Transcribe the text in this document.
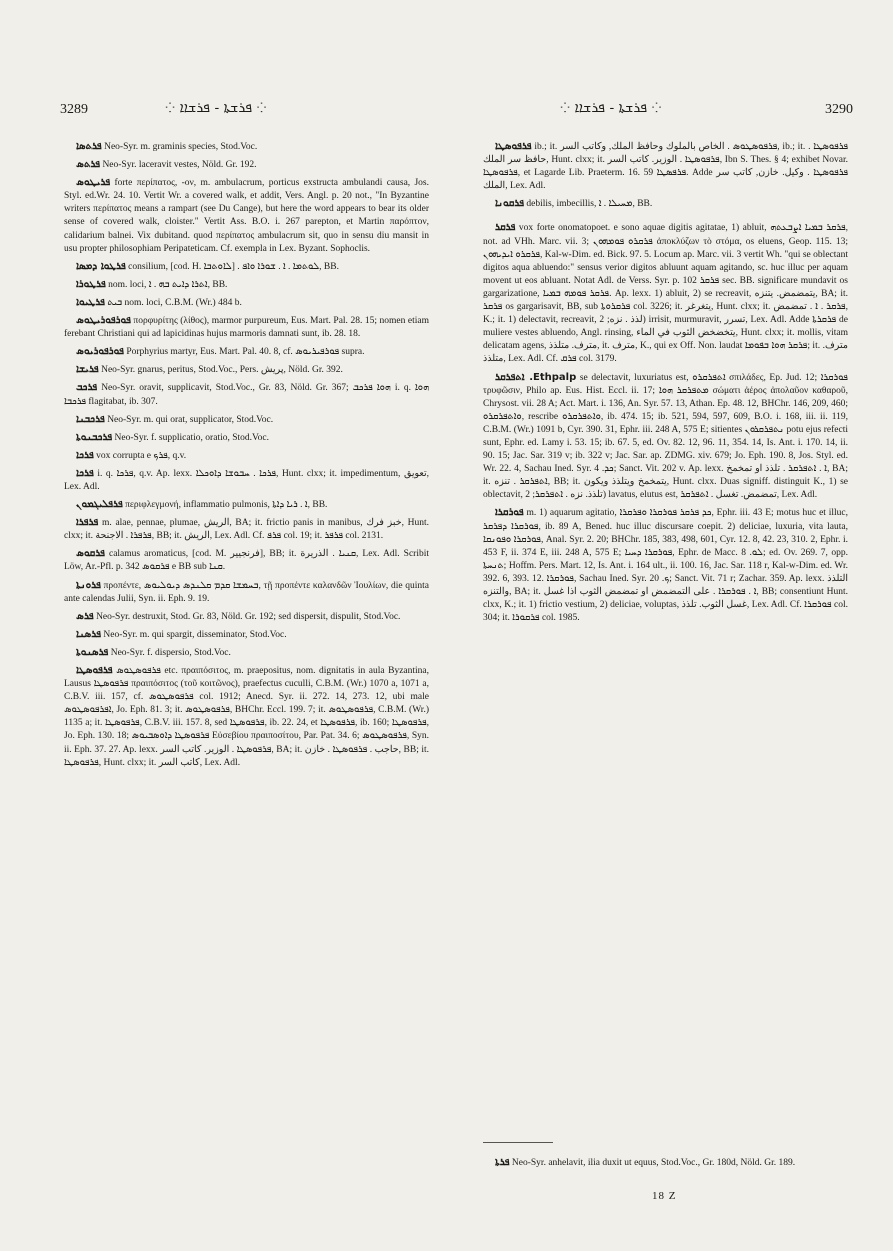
3289	⁘ ܦܪܫܬܐ - ܦܪܫܐܐ ⁘	⁘ ܦܪܫܬܐ - ܦܪܫܐܐ ⁘	3290

ܦܪܬܣܐ Neo-Syr. m. graminis species, Stod.Voc.

ܦܪܬܣ Neo-Syr. laceravit vestes, Nöld. Gr. 192.

ܦܪܝܛܘܣ forte περίπατος, -ον, m. ambulacrum, porticus exstructa ambulandi causa, Jos. Styl. ed.Wr. 24. 10. Vertit Wr. a covered walk, et addit, Vers. Angl. p. 20 not., "In Byzantine writers περίπατος means a rampart (see Du Cange), but here the word appears to bear its older sense of covered walk, cloister." Vertit Ass. B.O. i. 267 parepton, et Martin παρόπτον, calidarium balnei. Vix dubitand. quod περίπατος ambulacrum sit, quo in sensu diu mansit in usu propter philosophiam Peripateticam. Cf. exempla in Lex. Byzant. Sophoclis.

ܦܪܛܘܐ ܕܡܣܐ consilium, [cod. H. ܠܐܘܬܒܐ] . ܠܘܬܡܐ . ܐ . ܫܘܪܐ ܘܐܦ, BB.

ܦܪܛܘܪܐ nom. loci, ܐܬܪܐ ܕܐܝܬ ܒܗ . ܐ, BB.

ܦܪܛܝܘܐ ܒܝܬ nom. loci, C.B.M. (Wr.) 484 b.

ܦܘܪܦܘܪܝܛܘܣ πορφυρίτης (λίθος), marmor purpureum, Eus. Mart. Pal. 28. 15; nomen etiam ferebant Christiani qui ad lapicidinas hujus marmoris damnati sunt, ib. 28. 18.

ܦܘܪܦܘܪܝܘܣ Porphyrius martyr, Eus. Mart. Pal. 40. 8, cf. ܦܘܪܦܝܪܝܘܣ supra.

ܦܪܝܫܐ Neo-Syr. gnarus, peritus, Stod.Voc., Pers. پريش, Nöld. Gr. 392.

ܦܪܟܒ Neo-Syr. oravit, supplicavit, Stod.Voc., Gr. 83, Nöld. Gr. 367; ܗܘܐ ܦܪܟܒ i. q. ܗܘܐ ܦܪܟܒܐ flagitabat, ib. 307.

ܦܪܟܒܢܐ Neo-Syr. m. qui orat, supplicator, Stod.Voc.

ܦܪܟܒܢܘܬܐ Neo-Syr. f. supplicatio, oratio, Stod.Voc.

ܦܪܟܐ vox corrupta e ܦܪܟ, q.v.

ܦܪܟܐ i. q. ܦܪܟܐ, q.v. Ap. lexx. ܦܪܟܐ . ܚܒܘܫܐ ܕܐܘܟܠܐ, Hunt. clxx; it. impedimentum, تعويق, Lex. Adl.

ܦܪܦܠܝܓܡܘܢ περιφλεγμονή, inflammatio pulmonis, ܐ . ܪܝܐ ܕܐܬܐ, BB.

ܦܪܦܪܐ m. alae, pennae, plumae, الريش, BA; it. frictio panis in manibus, خبز فرك, Hunt. clxx; it. ܦܪܦܪܐ . الاجنحة, BB; it. الريش, Lex. Adl. Cf. ܦܪܦ col. 19; it. ܦܪܦܪ col. 2131.

ܦܪܩܘܣ calamus aromaticus, [cod. M. فرنجيير], BB; it. ܩܢܝܐ . الذريرة, Lex. Adl. Scribit Löw, Ar.-Pfl. p. 342 ܦܪܩܘܣ e BB sub ܩܢܐ.

ܦܪܘܢܬܐ προπέντε, ܒܚܡܫܐ ܩܕܡ ܩܠܢܕܣ ܕܝܘܠܝܘܣ, τῇ προπέντε καλανδῶν Ἰουλίων, die quinta ante calendas Julii, Syn. ii. Eph. 9. 19.

ܦܪܣ Neo-Syr. destruxit, Stod. Gr. 83, Nöld. Gr. 192; sed dispersit, dispulit, Stod.Voc.

ܦܪܣܢܐ Neo-Syr. m. qui spargit, disseminator, Stod.Voc.

ܦܪܣܢܘܬܐ Neo-Syr. f. dispersio, Stod.Voc.

ܦܪܦܘܣܛܐ ܦܪܦܘܣܛܘܣ etc. πραιπόσιτος, m. praepositus, nom. dignitatis in aula Byzantina, Lausus ܦܪܦܘܣܛܐ πραιπόσιτος (τοῦ κοιτῶνος), praefectus cuculli, C.B.M. (Wr.) 1070 a, 1071 a, C.B.V. iii. 157, cf. ܦܪܦܘܣܛܘܣ col. 1912; Anecd. Syr. ii. 272. 14, 273. 12, ubi male ܐܦܪܦܘܣܛܘܣ, Jo. Eph. 81. 3; it. ܦܪܦܘܣܛܘܣ, BHChr. Eccl. 199. 7; it. ܦܪܦܘܣܛܘܣ, C.B.M. (Wr.) 1135 a; it. ܦܪܦܘܣܛܐ, C.B.V. iii. 157. 8, sed ܦܪܦܘܣܛܐ, ib. 22. 24, et ܦܪܦܘܣܛܐ, ib. 160; ܦܪܦܘܣܛܐ, Jo. Eph. 130. 18; ܦܪܦܘܣܛܐ ܕܐܘܣܒܝܘܣ Εὐσεβίου πραιποσίτου, Par. Pat. 34. 6; ܦܪܦܘܣܛܘܣ, Syn. ii. Eph. 37. 27. Ap. lexx. ܦܪܦܘܣܛܐ . الوزير. كاتب السر, BA; it. حاجب . ܦܪܦܘܣܛܐ . خازن, BB; it. ܦܪܦܘܣܛܐ, Hunt. clxx; it. كاتب السر, Lex. Adl.

ܦܪܦܘܣܛܐ ib.; it. ܦܪܦܘܣܛܘܣ . الخاص بالملوك وحافظ الملك, وكاتب السر, ib.; it. ܦܪܦܘܣܛܐ . حافظ سر الملك, Hunt. clxx; it. ܦܪܦܘܣܛܐ . الوزير. كاتب السر, Ibn S. Thes. § 4; exhibet Novar. ܦܪܦܘܣܛܐ, et Lagarde Lib. Praeterm. 16. 59 ܦܪܦܣܛܐ. Adde ܦܪܦܘܣܛܐ . وكيل. خازن, كاتب سر الملك, Lex. Adl.

ܦܪܩܘܢܐ debilis, imbecillis, ܡܚܝܠܐ . ܐ, BB.

ܦܪܩܪ vox forte onomatopoet. e sono aquae digitis agitatae, 1) abluit, ܦܪܩܪ ܒܡܝܐ ܐܨܒܥܬܗ, not. ad VHh. Marc. vii. 3; ܦܪܩܪܘ ܦܘܡܗܘܢ ἀποκλύζων τὸ στόμα, os eluens, Geop. 115. 13; ܦܪܩܪܘ ܐܝܕܝܗܘܢ, Kal-w-Dim. ed. Bick. 97. 5. Locum ap. Marc. vii. 3 vertit Wh. "qui se oblectant digitos aqua abluendo:" sensus verior digitos abluunt aquam agitando, sc. huc illuc per aquam movent ut eos abluant. Notat Adl. de Verss. Syr. p. 102 ܦܪܩܪ sec. BB. significare mundavit os gargarizatione, ܦܪܩܪ ܦܘܡܗ ܒܡܝܐ. Ap. lexx. 1) abluit, 2) se recreavit, يتمضمض. يتنزه, BA; it. ܦܪܩܪ os gargarisavit, BB, sub ܦܪܩܪܘܬܐ col. 3226; it. يتغرغر, Hunt. clxx; it. ܦܪܩܪ . ܐ . تمضمض, K.; it. 1) delectavit, recreavit, لذذ . نزه; 2) irrisit, murmuravit, تسرر, Lex. Adl. Adde ܦܪܩܪܬܐ de muliere vestes abluendo, Angl. rinsing, يتخضخض الثوب في الماء, Hunt. clxx; it. mollis, vitam delicatam agens, مترف. متلذذ, it. مترف, K., qui ex Off. Non. laudat ܦܪܩܪ ܗܘܐ ܒܦܘܡܐ; it. مترف. متلذذ, Lex. Adl. Cf. ܦܪܩ col. 3179.

Ethpalp. ܐܬܦܪܩܪ se delectavit, luxuriatus est, ܐܬܦܪܩܪܘ σπιλάδες, Ep. Jud. 12; ܦܘܪܩܪܐ τρυφῶσιν, Philo ap. Eus. Hist. Eccl. ii. 17; ܡܬܦܪܩܪ ܗܘܐ σώματι ἀέρος ἀπολαῦον καθαροῦ, Chrysost. vii. 28 A; Act. Mart. i. 136, An. Syr. 57. 13, Athan. Ep. 48. 12, BHChr. 146, 209, 460; ܘܐܬܦܪܩܪܘ, rescribe ܘܐܬܦܪܩܪܘ, ib. 474. 15; ib. 521, 594, 597, 609, B.O. i. 168, iii. ii. 119, C.B.M. (Wr.) 1091 b, Cyr. 390. 31, Ephr. iii. 248 A, 575 E; sitientes ܢܬܦܪܩܪܘܢ potu ejus refecti sunt, Ephr. ed. Lamy i. 53. 15; ib. 67. 5, ed. Ov. 82. 12, 96. 11, 354. 14, Is. Ant. i. 170. 14, ii. 90. 15; Jac. Sar. 319 v; ib. 322 v; Jac. Sar. ap. ZDMG. xiv. 679; Jo. Eph. 190. 8, Jos. Styl. ed. Wr. 22. 4, Sachau Ined. Syr. ܟܕ. 4; Sanct. Vit. 202 v. Ap. lexx. ܐ . ܐܬܦܪܩܪ . تلذذ او تمخمخ, BA; it. ܐܬܦܪܩܪ . تنزه, BB; it. يتمخمخ ويتلذذ ويكون, Hunt. clxx. Duas signiff. distinguit K., 1) se oblectavit, تلذذ. نزه . ܐܬܦܪܩܪ; 2) lavatus, elutus est, تمضمض. تغسل . ܐܬܦܪܩܪ, Lex. Adl.

ܦܘܪܩܪܐ m. 1) aquarum agitatio, ܟܕ ܦܪܩܪ ܦܘܪܩܪܐ ܘܦܪܩܪܐ, Ephr. iii. 43 E; motus huc et illuc, ܦܘܪܩܪܐ ܕܦܪܩܪ, ib. 89 A, Bened. huc illuc discursare coepit. 2) deliciae, luxuria, vita lauta, ܦܘܪܩܪܐ ܘܦܘܢܩܐ, Anal. Syr. 2. 20; BHChr. 185, 383, 498, 601, Cyr. 12. 8, 42. 23, 310. 2, Ephr. i. 453 F, ii. 374 E, iii. 248 A, 575 E; ܦܘܪܩܪܐ ܕܚܝܐ, Ephr. de Macc. ܠܘ. 8; ed. Ov. 269. 7, opp. ܬܢܚܬܐ; Hoffm. Pers. Mart. 12, Is. Ant. i. 164 ult., ii. 100. 16, Jac. Sar. 118 r, Kal-w-Dim. ed. Wr. 392. 6, 393. 12. ܦܘܪܩܪܐ, Sachau Ined. Syr. ܟ. 20; Sanct. Vit. 71 r; Zachar. 359. Ap. lexx. التلذذ والتنزه, BA; it. ܐ . ܦܘܪܩܪܐ . على التمضمض او تمضمض الثوب اذا غسل, BB; consentiunt Hunt. clxx, K.; it. 1) frictio vestium, 2) deliciae, voluptas, غسل الثوب. تلذذ, Lex. Adl. Cf. ܦܘܪܩܪܐ col. 304; it. ܦܪܩܘܪܐ col. 1985.

ܦܪܬܐ Neo-Syr. anhelavit, ilia duxit ut equus, Stod.Voc., Gr. 180d, Nöld. Gr. 189.

18 Z
